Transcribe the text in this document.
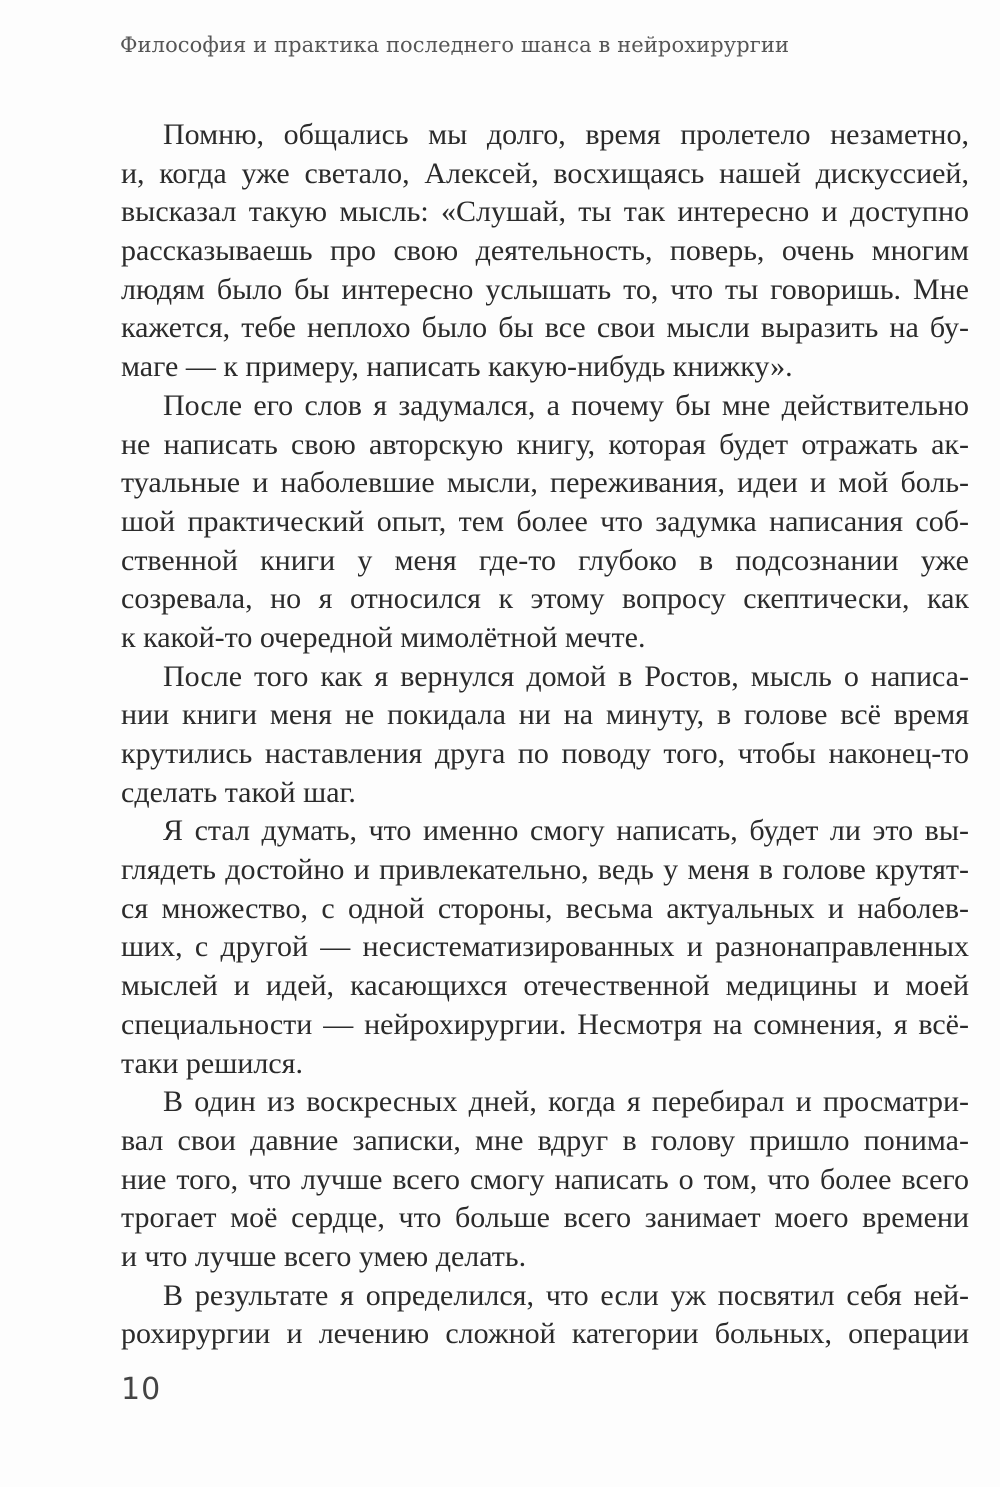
Философия и практика последнего шанса в нейрохирургии
Помню, общались мы долго, время пролетело незаметно,
и, когда уже светало, Алексей, восхищаясь нашей дискуссией,
высказал такую мысль: «Слушай, ты так интересно и доступно
рассказываешь про свою деятельность, поверь, очень многим
людям было бы интересно услышать то, что ты говоришь. Мне
кажется, тебе неплохо было бы все свои мысли выразить на бу-
маге — к примеру, написать какую-нибудь книжку».
После его слов я задумался, а почему бы мне действительно
не написать свою авторскую книгу, которая будет отражать ак-
туальные и наболевшие мысли, переживания, идеи и мой боль-
шой практический опыт, тем более что задумка написания соб-
ственной книги у меня где-то глубоко в подсознании уже
созревала, но я относился к этому вопросу скептически, как
к какой-то очередной мимолётной мечте.
После того как я вернулся домой в Ростов, мысль о написа-
нии книги меня не покидала ни на минуту, в голове всё время
крутились наставления друга по поводу того, чтобы наконец-то
сделать такой шаг.
Я стал думать, что именно смогу написать, будет ли это вы-
глядеть достойно и привлекательно, ведь у меня в голове крутят-
ся множество, с одной стороны, весьма актуальных и наболев-
ших, с другой — несистематизированных и разнонаправленных
мыслей и идей, касающихся отечественной медицины и моей
специальности — нейрохирургии. Несмотря на сомнения, я всё-
таки решился.
В один из воскресных дней, когда я перебирал и просматри-
вал свои давние записки, мне вдруг в голову пришло понима-
ние того, что лучше всего смогу написать о том, что более всего
трогает моё сердце, что больше всего занимает моего времени
и что лучше всего умею делать.
В результате я определился, что если уж посвятил себя ней-
рохирургии и лечению сложной категории больных, операции
10
